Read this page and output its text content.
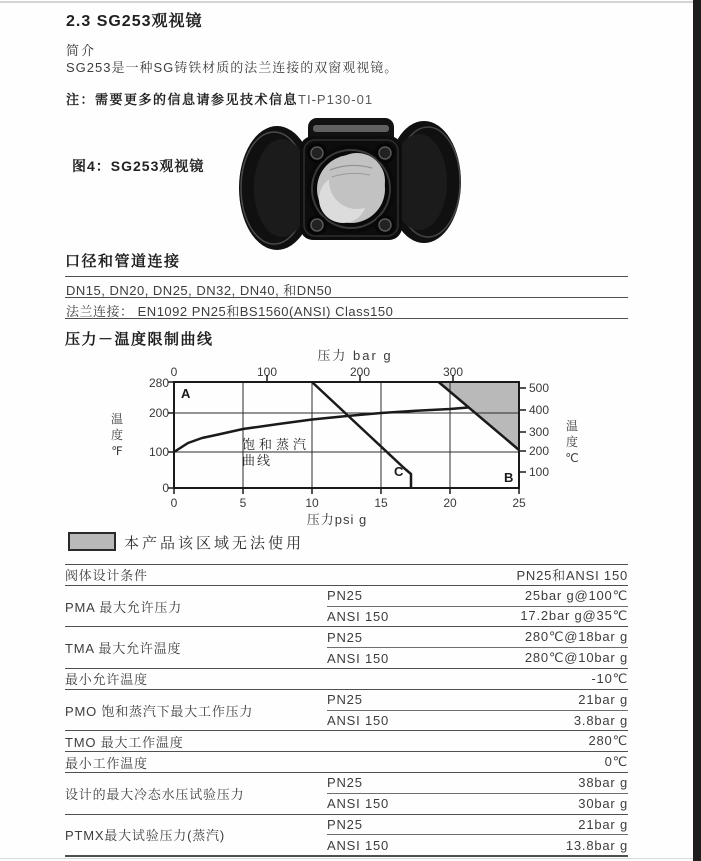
2.3 SG253观视镜
简介
SG253是一种SG铸铁材质的法兰连接的双窗观视镜。
注：需要更多的信息请参见技术信息TI-P130-01
图4：SG253观视镜
口径和管道连接
DN15, DN20, DN25, DN32, DN40, 和DN50
法兰连接： EN1092 PN25和BS1560(ANSI) Class150
压力－温度限制曲线
压力 bar g
0	100	200	300
280
200
100
0
温
度
℉
500
400
300
200
100
温
度
℃
0	5	10	15	20	25
压力psi g
A
B
C
饱和蒸汽
曲线
本产品该区域无法使用
阀体设计条件	PN25和ANSI 150	
PMA 最大允许压力	PN25	25bar g@100℃
	ANSI 150	17.2bar g@35℃
TMA 最大允许温度	PN25	280℃@18bar g
	ANSI 150	280℃@10bar g
最小允许温度	-10℃	
PMO 饱和蒸汽下最大工作压力	PN25	21bar g
	ANSI 150	3.8bar g
TMO 最大工作温度	280℃	
最小工作温度	0℃	
设计的最大冷态水压试验压力	PN25	38bar g
	ANSI 150	30bar g
PTMX最大试验压力(蒸汽)	PN25	21bar g
	ANSI 150	13.8bar g
